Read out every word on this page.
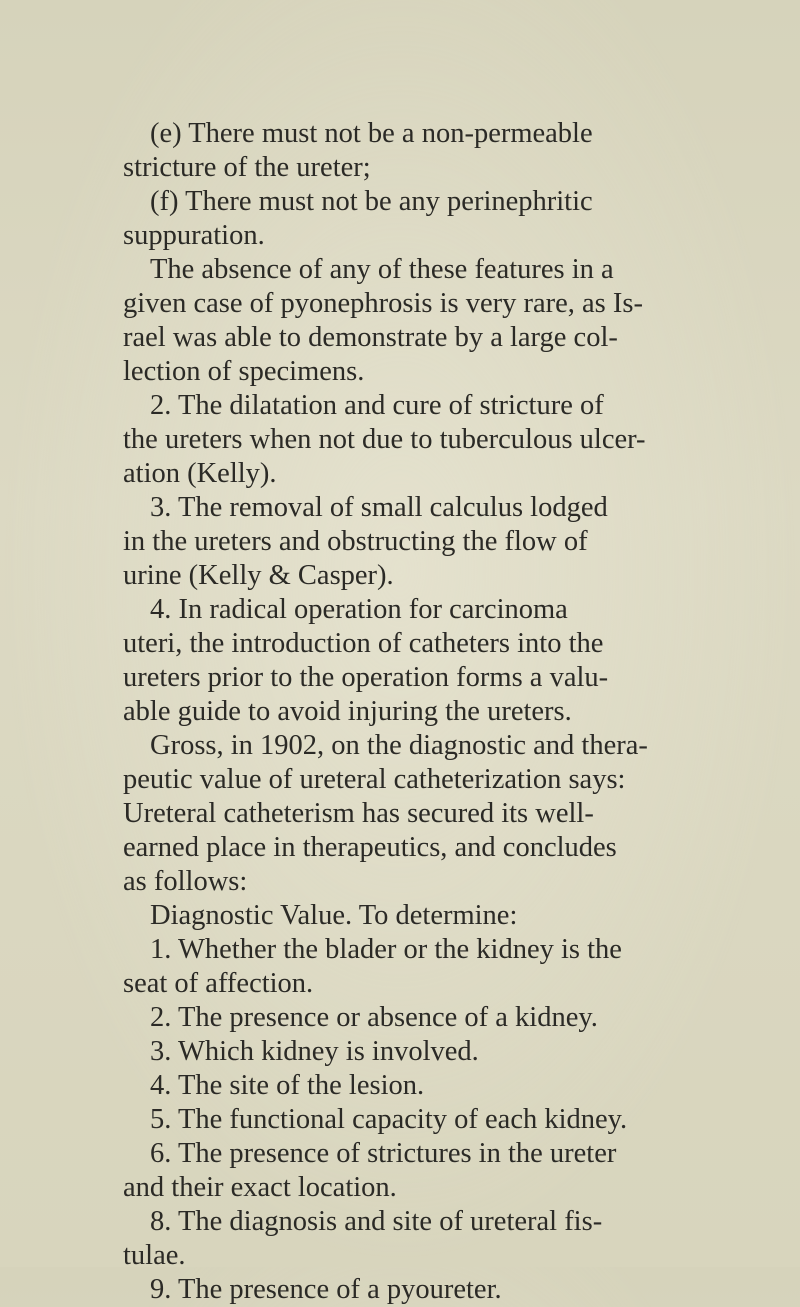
(e) There must not be a non-permeable

stricture of the ureter;

(f) There must not be any perinephritic

suppuration.

The absence of any of these features in a

given case of pyonephrosis is very rare, as Is-

rael was able to demonstrate by a large col-

lection of specimens.

2. The dilatation and cure of stricture of

the ureters when not due to tuberculous ulcer-

ation (Kelly).

3. The removal of small calculus lodged

in the ureters and obstructing the flow of

urine (Kelly & Casper).

4. In radical operation for carcinoma

uteri, the introduction of catheters into the

ureters prior to the operation forms a valu-

able guide to avoid injuring the ureters.

Gross, in 1902, on the diagnostic and thera-

peutic value of ureteral catheterization says:

Ureteral catheterism has secured its well-

earned place in therapeutics, and concludes

as follows:

Diagnostic Value. To determine:

1. Whether the blader or the kidney is the

seat of affection.

2. The presence or absence of a kidney.

3. Which kidney is involved.

4. The site of the lesion.

5. The functional capacity of each kidney.

6. The presence of strictures in the ureter

and their exact location.

8. The diagnosis and site of ureteral fis-

tulae.

9. The presence of a pyoureter.
